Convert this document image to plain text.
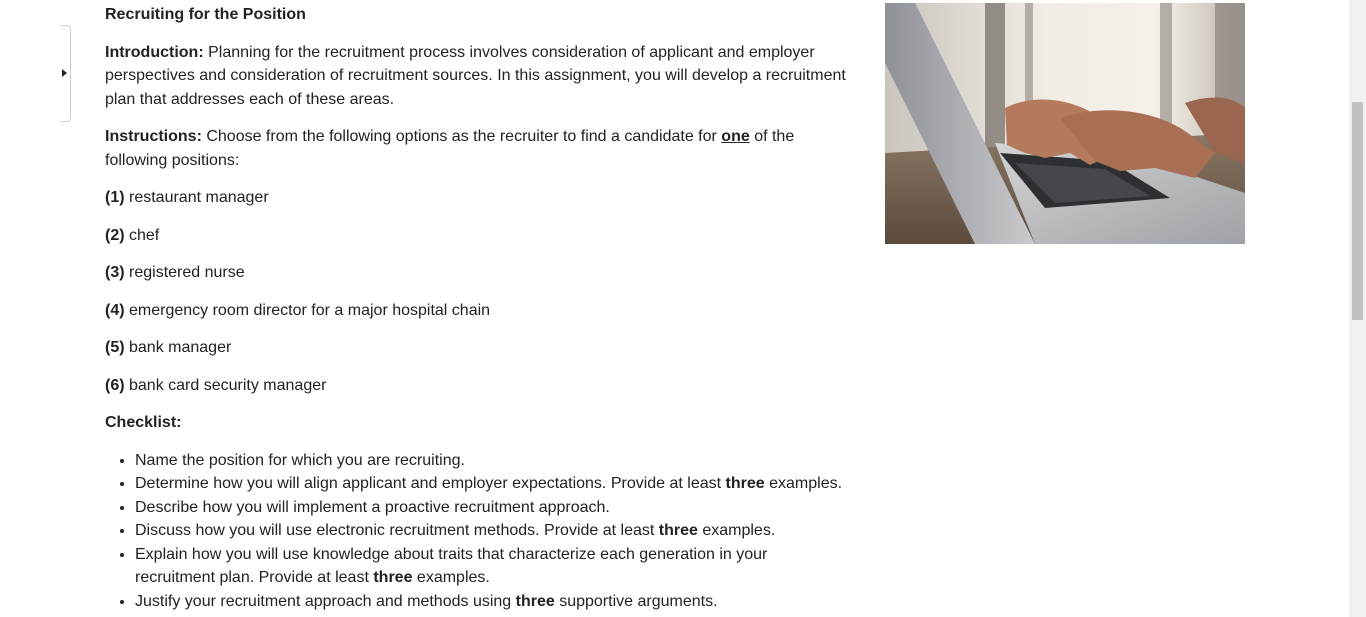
Recruiting for the Position

Introduction: Planning for the recruitment process involves consideration of applicant and employer perspectives and consideration of recruitment sources. In this assignment, you will develop a recruitment plan that addresses each of these areas.

Instructions: Choose from the following options as the recruiter to find a candidate for one of the following positions:

(1) restaurant manager

(2) chef

(3) registered nurse

(4) emergency room director for a major hospital chain

(5) bank manager

(6) bank card security manager

Checklist:

• Name the position for which you are recruiting.
• Determine how you will align applicant and employer expectations. Provide at least three examples.
• Describe how you will implement a proactive recruitment approach.
• Discuss how you will use electronic recruitment methods. Provide at least three examples.
• Explain how you will use knowledge about traits that characterize each generation in your recruitment plan. Provide at least three examples.
• Justify your recruitment approach and methods using three supportive arguments.
